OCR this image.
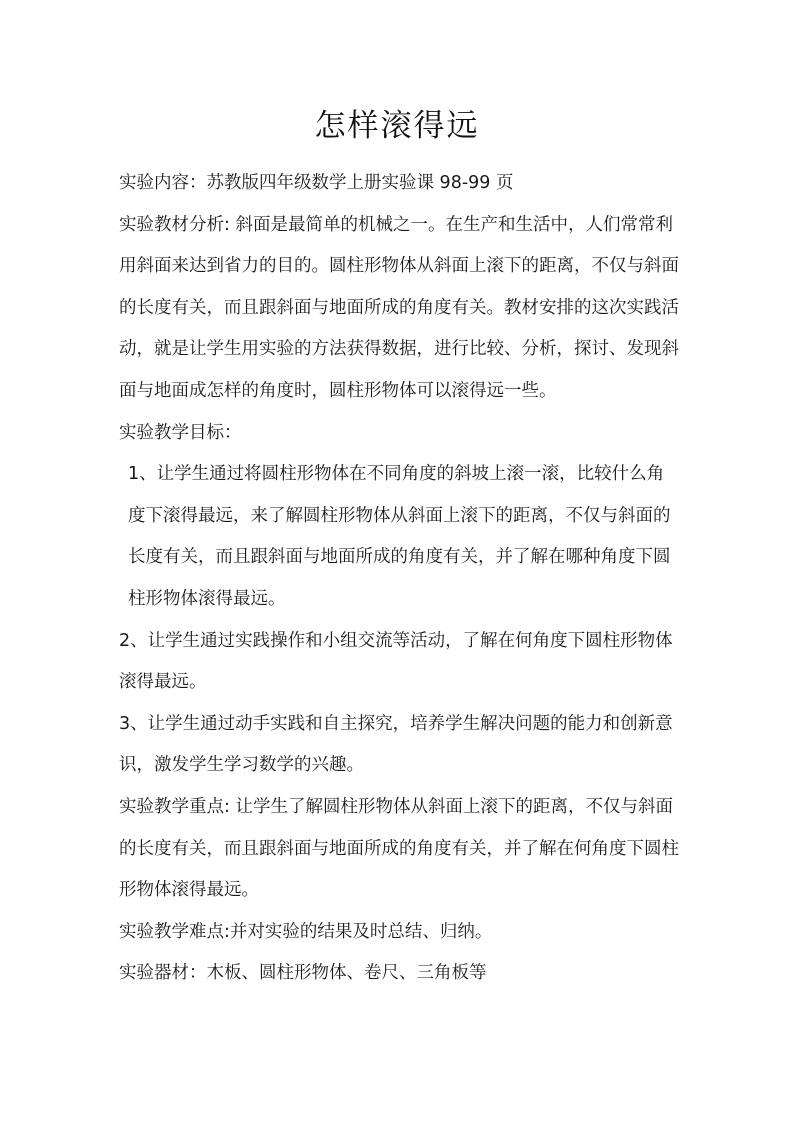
怎样滚得远

实验内容：苏教版四年级数学上册实验课 98-99 页

实验教材分析: 斜面是最简单的机械之一。在生产和生活中，人们常常利用斜面来达到省力的目的。圆柱形物体从斜面上滚下的距离，不仅与斜面的长度有关，而且跟斜面与地面所成的角度有关。教材安排的这次实践活动，就是让学生用实验的方法获得数据，进行比较、分析，探讨、发现斜面与地面成怎样的角度时，圆柱形物体可以滚得远一些。

实验教学目标：

1、让学生通过将圆柱形物体在不同角度的斜坡上滚一滚，比较什么角度下滚得最远，来了解圆柱形物体从斜面上滚下的距离，不仅与斜面的长度有关，而且跟斜面与地面所成的角度有关，并了解在哪种角度下圆柱形物体滚得最远。

2、让学生通过实践操作和小组交流等活动，了解在何角度下圆柱形物体滚得最远。

3、让学生通过动手实践和自主探究，培养学生解决问题的能力和创新意识，激发学生学习数学的兴趣。

实验教学重点: 让学生了解圆柱形物体从斜面上滚下的距离，不仅与斜面的长度有关，而且跟斜面与地面所成的角度有关，并了解在何角度下圆柱形物体滚得最远。

实验教学难点:并对实验的结果及时总结、归纳。

实验器材：木板、圆柱形物体、卷尺、三角板等
